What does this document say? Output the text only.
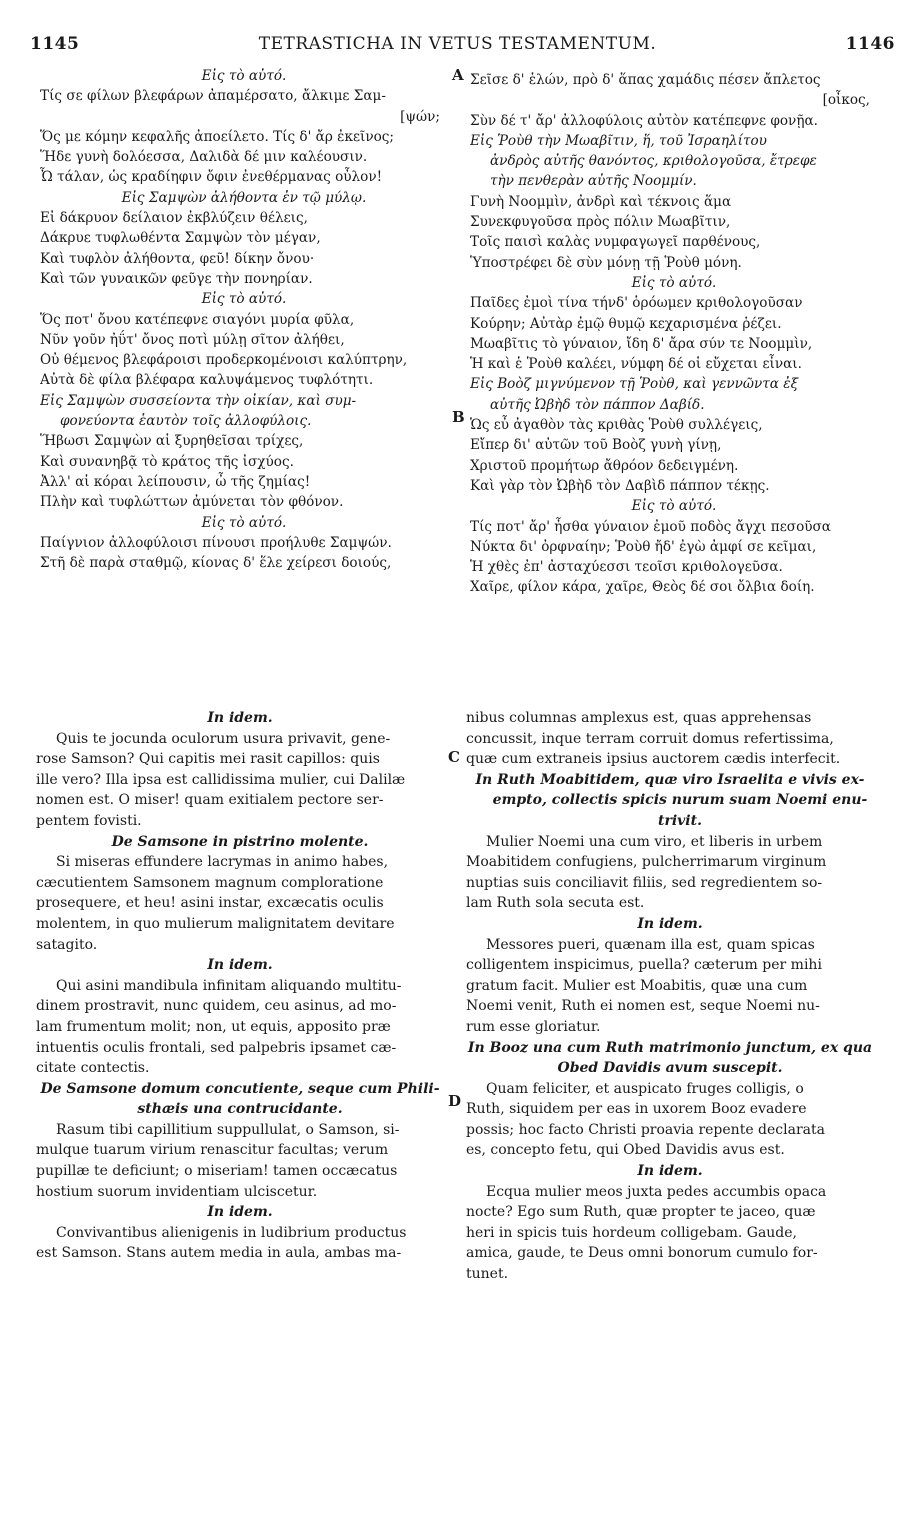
1145	TETRASTICHA IN VETUS TESTAMENTUM.	1146
A
B
C
D
Εἰς τὸ αὐτό.
Τίς σε φίλων βλεφάρων ἀπαμέρσατο, ἄλκιμε Σαμ-
[ψών;
Ὅς με κόμην κεφαλῆς ἀποείλετο. Τίς δ' ἄρ ἐκεῖνος;
Ἥδε γυνὴ δολόεσσα, Δαλιδὰ δέ μιν καλέουσιν.
Ὦ τάλαν, ὡς κραδίηφιν ὄφιν ἐνεθέρμανας οὖλον!
Εἰς Σαμψὼν ἀλήθοντα ἐν τῷ μύλῳ.
Εἰ δάκρυον δείλαιον ἐκβλύζειν θέλεις,
Δάκρυε τυφλωθέντα Σαμψὼν τὸν μέγαν,
Καὶ τυφλὸν ἀλήθοντα, φεῦ! δίκην ὄνου·
Καὶ τῶν γυναικῶν φεῦγε τὴν πονηρίαν.
Εἰς τὸ αὐτό.
Ὅς ποτ' ὄνου κατέπεφνε σιαγόνι μυρία φῦλα,
Νῦν γοῦν ἠΰτ' ὄνος ποτὶ μύλῃ σῖτον ἀλήθει,
Οὐ θέμενος βλεφάροισι προδερκομένοισι καλύπτρην,
Αὐτὰ δὲ φίλα βλέφαρα καλυψάμενος τυφλότητι.
Εἰς Σαμψὼν συσσείοντα τὴν οἰκίαν, καὶ συμ-
φονεύοντα ἑαυτὸν τοῖς ἀλλοφύλοις.
Ἥβωσι Σαμψὼν αἱ ξυρηθεῖσαι τρίχες,
Καὶ συνανηβᾷ τὸ κράτος τῆς ἰσχύος.
Ἀλλ' αἱ κόραι λείπουσιν, ὦ τῆς ζημίας!
Πλὴν καὶ τυφλώττων ἀμύνεται τὸν φθόνον.
Εἰς τὸ αὐτό.
Παίγνιον ἀλλοφύλοισι πίνουσι προήλυθε Σαμψών.
Στῆ δὲ παρὰ σταθμῷ, κίονας δ' ἕλε χείρεσι δοιούς,
Σεῖσε δ' ἑλών, πρὸ δ' ἅπας χαμάδις πέσεν ἄπλετος
[οἶκος,
Σὺν δέ τ' ἄρ' ἀλλοφύλοις αὐτὸν κατέπεφνε φονῇα.
Εἰς Ῥοὺθ τὴν Μωαβῖτιν, ἥ, τοῦ Ἰσραηλίτου
ἀνδρὸς αὐτῆς θανόντος, κριθολογοῦσα, ἔτρεφε
τὴν πενθερὰν αὐτῆς Νοομμίν.
Γυνὴ Νοομμὶν, ἀνδρὶ καὶ τέκνοις ἅμα
Συνεκφυγοῦσα πρὸς πόλιν Μωαβῖτιν,
Τοῖς παισὶ καλὰς νυμφαγωγεῖ παρθένους,
Ὑποστρέφει δὲ σὺν μόνῃ τῇ Ῥοὺθ μόνη.
Εἰς τὸ αὐτό.
Παῖδες ἐμοὶ τίνα τήνδ' ὁρόωμεν κριθολογοῦσαν
Κούρην; Αὐτὰρ ἐμῷ θυμῷ κεχαρισμένα ῥέζει.
Μωαβῖτις τὸ γύναιον, ἴδη δ' ἄρα σύν τε Νοομμὶν,
Ἡ καὶ ἑ Ῥοὺθ καλέει, νύμφη δέ οἱ εὔχεται εἶναι.
Εἰς Βοὸζ μιγνύμενον τῇ Ῥοὺθ, καὶ γεννῶντα ἐξ
αὐτῆς Ὠβὴδ τὸν πάππον Δαβίδ.
Ὡς εὖ ἀγαθὸν τὰς κριθὰς Ῥοὺθ συλλέγεις,
Εἴπερ δι' αὐτῶν τοῦ Βοὸζ γυνὴ γίνῃ,
Χριστοῦ προμήτωρ ἄθρόον δεδειγμένη.
Καὶ γὰρ τὸν Ὠβὴδ τὸν Δαβὶδ πάππον τέκῃς.
Εἰς τὸ αὐτό.
Τίς ποτ' ἄρ' ἦσθα γύναιον ἐμοῦ ποδὸς ἄγχι πεσοῦσα
Νύκτα δι' ὀρφναίην; Ῥοὺθ ἤδ' ἐγὼ ἀμφί σε κεῖμαι,
Ἡ χθὲς ἐπ' ἀσταχύεσσι τεοῖσι κριθολογεῦσα.
Χαῖρε, φίλον κάρα, χαῖρε, Θεὸς δέ σοι ὄλβια δοίη.
In idem.
Quis te jocunda oculorum usura privavit, gene-
rose Samson? Qui capitis mei rasit capillos: quis
ille vero? Illa ipsa est callidissima mulier, cui Dalilæ
nomen est. O miser! quam exitialem pectore ser-
pentem fovisti.
De Samsone in pistrino molente.
Si miseras effundere lacrymas in animo habes,
cæcutientem Samsonem magnum comploratione
prosequere, et heu! asini instar, excæcatis oculis
molentem, in quo mulierum malignitatem devitare
satagito.
In idem.
Qui asini mandibula infinitam aliquando multitu-
dinem prostravit, nunc quidem, ceu asinus, ad mo-
lam frumentum molit; non, ut equis, apposito præ
intuentis oculis frontali, sed palpebris ipsamet cæ-
citate contectis.
De Samsone domum concutiente, seque cum Phili-
sthæis una contrucidante.
Rasum tibi capillitium suppullulat, o Samson, si-
mulque tuarum virium renascitur facultas; verum
pupillæ te deficiunt; o miseriam! tamen occæcatus
hostium suorum invidentiam ulciscetur.
In idem.
Convivantibus alienigenis in ludibrium productus
est Samson. Stans autem media in aula, ambas ma-
nibus columnas amplexus est, quas apprehensas
concussit, inque terram corruit domus refertissima,
quæ cum extraneis ipsius auctorem cædis interfecit.
In Ruth Moabitidem, quæ viro Israelita e vivis ex-
empto, collectis spicis nurum suam Noemi enu-
trivit.
Mulier Noemi una cum viro, et liberis in urbem
Moabitidem confugiens, pulcherrimarum virginum
nuptias suis conciliavit filiis, sed regredientem so-
lam Ruth sola secuta est.
In idem.
Messores pueri, quænam illa est, quam spicas
colligentem inspicimus, puella? cæterum per mihi
gratum facit. Mulier est Moabitis, quæ una cum
Noemi venit, Ruth ei nomen est, seque Noemi nu-
rum esse gloriatur.
In Booz una cum Ruth matrimonio junctum, ex qua
Obed Davidis avum suscepit.
Quam feliciter, et auspicato fruges colligis, o
Ruth, siquidem per eas in uxorem Booz evadere
possis; hoc facto Christi proavia repente declarata
es, concepto fetu, qui Obed Davidis avus est.
In idem.
Ecqua mulier meos juxta pedes accumbis opaca
nocte? Ego sum Ruth, quæ propter te jaceo, quæ
heri in spicis tuis hordeum colligebam. Gaude,
amica, gaude, te Deus omni bonorum cumulo for-
tunet.
